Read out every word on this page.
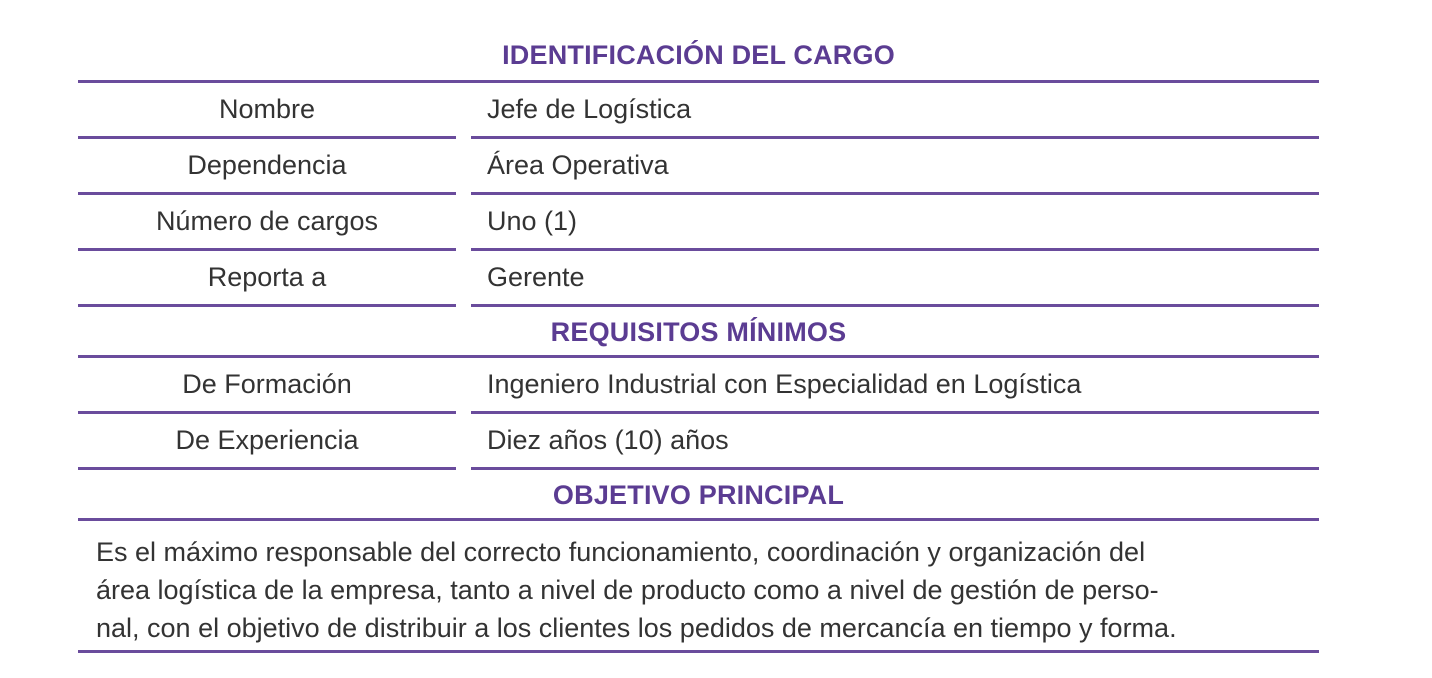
IDENTIFICACIÓN DEL CARGO
Nombre	Jefe de Logística
Dependencia	Área Operativa
Número de cargos	Uno (1)
Reporta a	Gerente
REQUISITOS MÍNIMOS
De Formación	Ingeniero Industrial con Especialidad en Logística
De Experiencia	Diez años (10) años
OBJETIVO PRINCIPAL
Es el máximo responsable del correcto funcionamiento, coordinación y organización del
área logística de la empresa, tanto a nivel de producto como a nivel de gestión de perso-
nal, con el objetivo de distribuir a los clientes los pedidos de mercancía en tiempo y forma.
